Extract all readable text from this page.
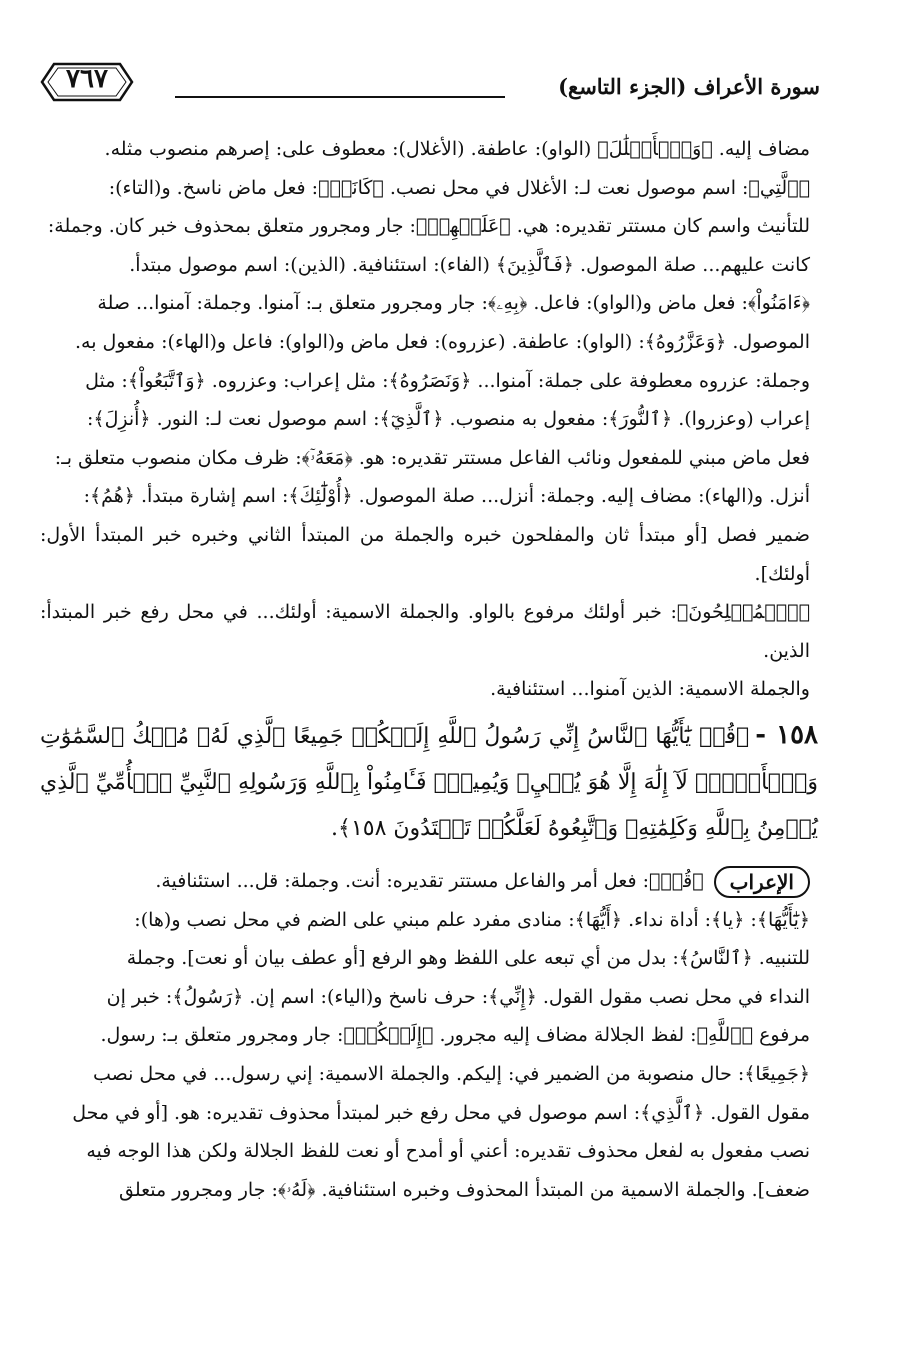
سورة الأعراف (الجزء التاسع)
٧٦٧

مضاف إليه. ﴿وَٱلۡأَغۡلَٰلَ﴾ (الواو): عاطفة. (الأغلال): معطوف على: إصرهم منصوب مثله.

﴿ٱلَّتِي﴾: اسم موصول نعت لـ: الأغلال في محل نصب. ﴿كَانَتۡ﴾: فعل ماض ناسخ. و(التاء):

للتأنيث واسم كان مستتر تقديره: هي. ﴿عَلَيۡهِمۡ﴾: جار ومجرور متعلق بمحذوف خبر كان. وجملة:

كانت عليهم... صلة الموصول. ﴿فَٱلَّذِينَ﴾ (الفاء): استئنافية. (الذين): اسم موصول مبتدأ.

﴿ءَامَنُواْ﴾: فعل ماض و(الواو): فاعل. ﴿بِهِۦ﴾: جار ومجرور متعلق بـ: آمنوا. وجملة: آمنوا... صلة

الموصول. ﴿وَعَزَّرُوهُ﴾: (الواو): عاطفة. (عزروه): فعل ماض و(الواو): فاعل و(الهاء): مفعول به.

وجملة: عزروه معطوفة على جملة: آمنوا... ﴿وَنَصَرُوهُ﴾: مثل إعراب: وعزروه. ﴿وَٱتَّبَعُواْ﴾: مثل

إعراب (وعزروا). ﴿ٱلنُّورَ﴾: مفعول به منصوب. ﴿ٱلَّذِيٓ﴾: اسم موصول نعت لـ: النور. ﴿أُنزِلَ﴾:

فعل ماض مبني للمفعول ونائب الفاعل مستتر تقديره: هو. ﴿مَعَهُۥٓ﴾: ظرف مكان منصوب متعلق بـ:

أنزل. و(الهاء): مضاف إليه. وجملة: أنزل... صلة الموصول. ﴿أُوْلَٰٓئِكَ﴾: اسم إشارة مبتدأ. ﴿هُمُ﴾:

ضمير فصل [أو مبتدأ ثان والمفلحون خبره والجملة من المبتدأ الثاني وخبره خبر المبتدأ الأول: أولئك].

﴿ٱلۡمُفۡلِحُونَ﴾: خبر أولئك مرفوع بالواو. والجملة الاسمية: أولئك... في محل رفع خبر المبتدأ: الذين.

والجملة الاسمية: الذين آمنوا... استئنافية.

١٥٨ -﴿قُلۡ يَٰٓأَيُّهَا ٱلنَّاسُ إِنِّي رَسُولُ ٱللَّهِ إِلَيۡكُمۡ جَمِيعًا ٱلَّذِي لَهُۥ مُلۡكُ ٱلسَّمَٰوَٰتِ وَٱلۡأَرۡضِۖ لَآ إِلَٰهَ إِلَّا هُوَ يُحۡيِۦ وَيُمِيتُۖ فَـَٔامِنُواْ بِٱللَّهِ وَرَسُولِهِ ٱلنَّبِيِّ ٱلۡأُمِّيِّ ٱلَّذِي يُؤۡمِنُ بِٱللَّهِ وَكَلِمَٰتِهِۦ وَٱتَّبِعُوهُ لَعَلَّكُمۡ تَهۡتَدُونَ ١٥٨﴾.
الإعراب

﴿قُلۡ﴾: فعل أمر والفاعل مستتر تقديره: أنت. وجملة: قل... استئنافية.

﴿يَٰٓأَيُّهَا﴾: ﴿يا﴾: أداة نداء. ﴿أَيُّهَا﴾: منادى مفرد علم مبني على الضم في محل نصب و(ها):

للتنبيه. ﴿ٱلنَّاسُ﴾: بدل من أي تبعه على اللفظ وهو الرفع [أو عطف بيان أو نعت]. وجملة

النداء في محل نصب مقول القول. ﴿إِنِّي﴾: حرف ناسخ و(الياء): اسم إن. ﴿رَسُولُ﴾: خبر إن

مرفوع ﴿ٱللَّهِ﴾: لفظ الجلالة مضاف إليه مجرور. ﴿إِلَيۡكُمۡ﴾: جار ومجرور متعلق بـ: رسول.

﴿جَمِيعًا﴾: حال منصوبة من الضمير في: إليكم. والجملة الاسمية: إني رسول... في محل نصب

مقول القول. ﴿ٱلَّذِي﴾: اسم موصول في محل رفع خبر لمبتدأ محذوف تقديره: هو. [أو في محل

نصب مفعول به لفعل محذوف تقديره: أعني أو أمدح أو نعت للفظ الجلالة ولكن هذا الوجه فيه

ضعف]. والجملة الاسمية من المبتدأ المحذوف وخبره استئنافية. ﴿لَهُۥ﴾: جار ومجرور متعلق
